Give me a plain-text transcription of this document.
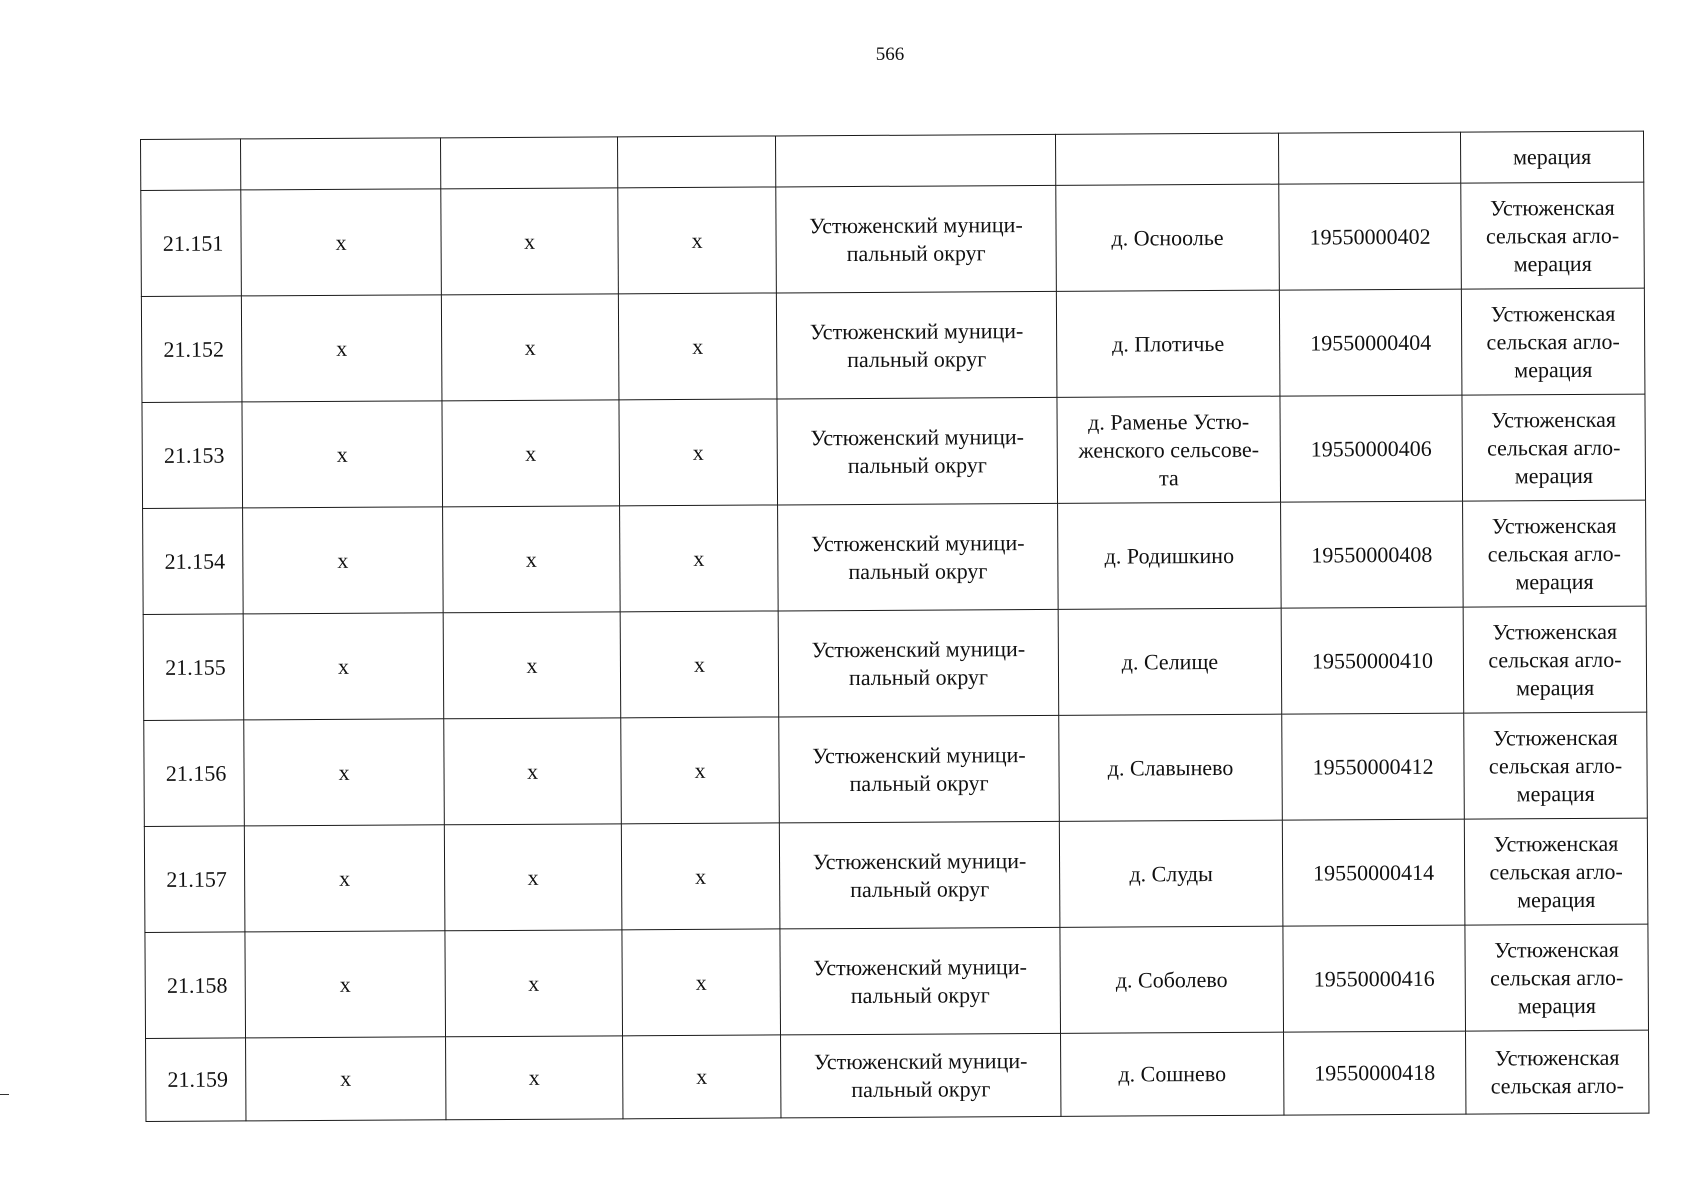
566
							мерация
21.151	x	x	x	Устюженский муници-
пальный округ	д. Осноолье	19550000402	Устюженская
сельская агло-
мерация
21.152	x	x	x	Устюженский муници-
пальный округ	д. Плотичье	19550000404	Устюженская
сельская агло-
мерация
21.153	x	x	x	Устюженский муници-
пальный округ	д. Раменье Устю-
женского сельсове-
та	19550000406	Устюженская
сельская агло-
мерация
21.154	x	x	x	Устюженский муници-
пальный округ	д. Родишкино	19550000408	Устюженская
сельская агло-
мерация
21.155	x	x	x	Устюженский муници-
пальный округ	д. Селище	19550000410	Устюженская
сельская агло-
мерация
21.156	x	x	x	Устюженский муници-
пальный округ	д. Славынево	19550000412	Устюженская
сельская агло-
мерация
21.157	x	x	x	Устюженский муници-
пальный округ	д. Слуды	19550000414	Устюженская
сельская агло-
мерация
21.158	x	x	x	Устюженский муници-
пальный округ	д. Соболево	19550000416	Устюженская
сельская агло-
мерация
21.159	x	x	x	Устюженский муници-
пальный округ	д. Сошнево	19550000418	Устюженская
сельская агло-
